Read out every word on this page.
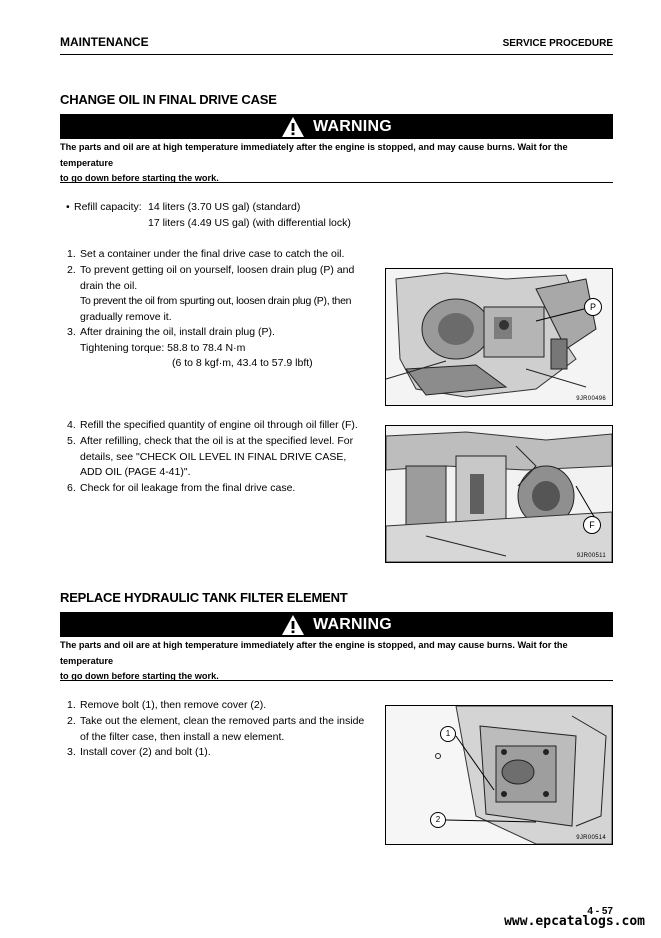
MAINTENANCE	SERVICE PROCEDURE
CHANGE OIL IN FINAL DRIVE CASE
WARNING
The parts and oil are at high temperature immediately after the engine is stopped, and may cause burns. Wait for the temperature
to go down before starting the work.
• Refill capacity: 14 liters (3.70 US gal) (standard)
17 liters (4.49 US gal) (with differential lock)
1. Set a container under the final drive case to catch the oil.
2. To prevent getting oil on yourself, loosen drain plug (P) and
drain the oil.
To prevent the oil from spurting out, loosen drain plug (P), then
gradually remove it.
3. After draining the oil, install drain plug (P).
Tightening torque: 58.8 to 78.4 N·m
(6 to 8 kgf·m, 43.4 to 57.9 lbft)
P
9JR00496
4. Refill the specified quantity of engine oil through oil filler (F).
5. After refilling, check that the oil is at the specified level. For
details, see "CHECK OIL LEVEL IN FINAL DRIVE CASE,
ADD OIL (PAGE 4-41)".
6. Check for oil leakage from the final drive case.
F
9JR00511
REPLACE HYDRAULIC TANK FILTER ELEMENT
WARNING
The parts and oil are at high temperature immediately after the engine is stopped, and may cause burns. Wait for the temperature
to go down before starting the work.
1. Remove bolt (1), then remove cover (2).
2. Take out the element, clean the removed parts and the inside
of the filter case, then install a new element.
3. Install cover (2) and bolt (1).
1
2
9JR00514
4 - 57
www.epcatalogs.com
